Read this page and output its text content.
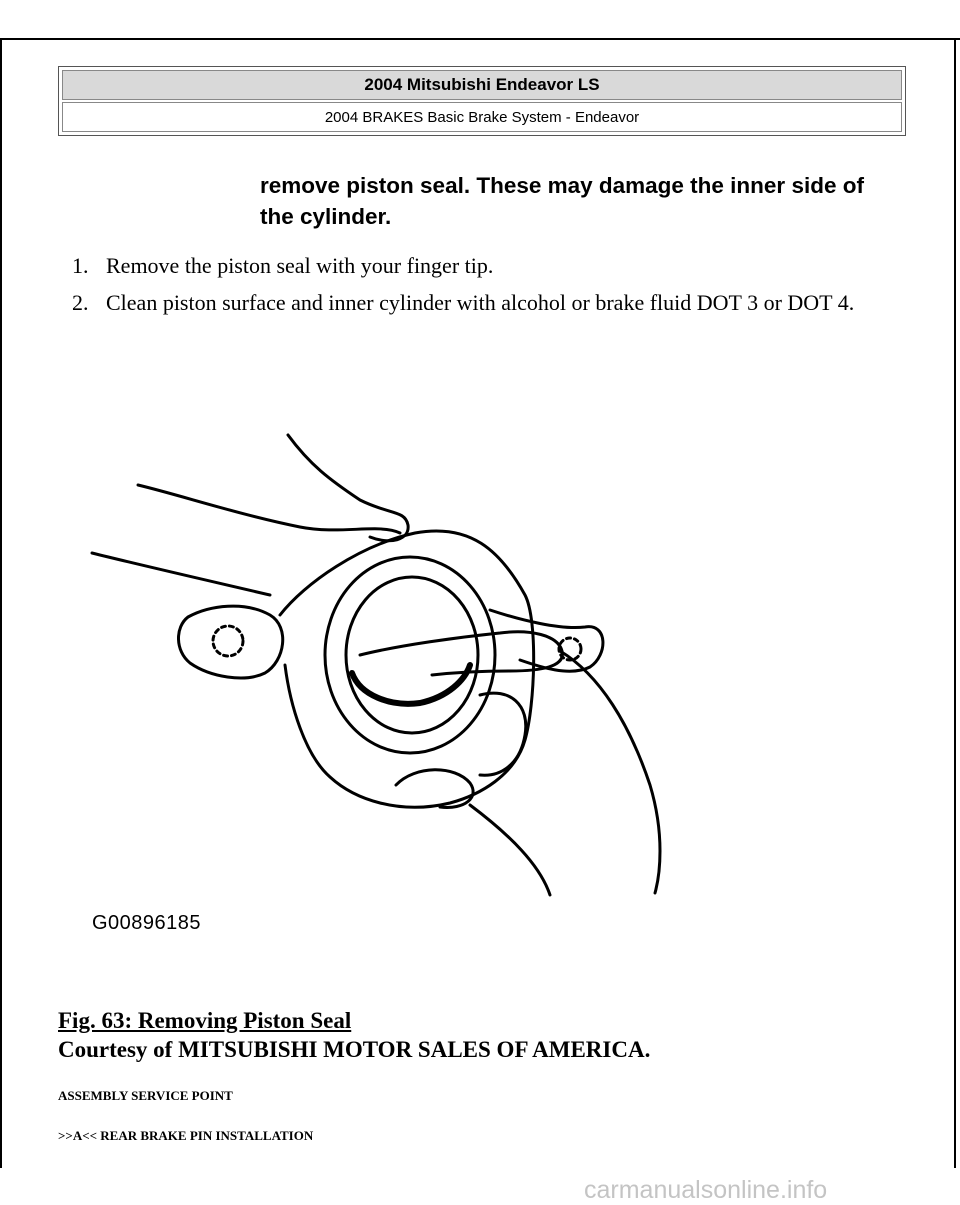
2004 Mitsubishi Endeavor LS
2004 BRAKES Basic Brake System - Endeavor
remove piston seal. These may damage the inner side of the cylinder.
1. Remove the piston seal with your finger tip.
2. Clean piston surface and inner cylinder with alcohol or brake fluid DOT 3 or DOT 4.
G00896185
Fig. 63: Removing Piston Seal
Courtesy of MITSUBISHI MOTOR SALES OF AMERICA.
ASSEMBLY SERVICE POINT
>>A<< REAR BRAKE PIN INSTALLATION
carmanualsonline.info
